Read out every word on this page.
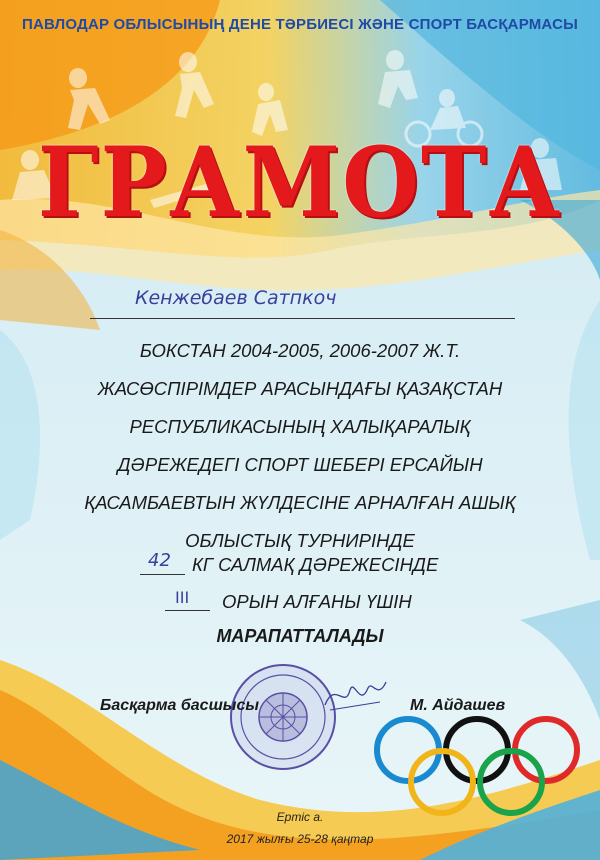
ПАВЛОДАР ОБЛЫСЫНЫҢ ДЕНЕ ТӘРБИЕСІ ЖӘНЕ СПОРТ БАСҚАРМАСЫ
ГРАМОТА
Кенжебаев Сатпкоч
БОКСТАН 2004-2005, 2006-2007 Ж.Т.
ЖАСӨСПІРІМДЕР АРАСЫНДАҒЫ ҚАЗАҚСТАН
РЕСПУБЛИКАСЫНЫҢ ХАЛЫҚАРАЛЫҚ
ДӘРЕЖЕДЕГІ СПОРТ ШЕБЕРІ ЕРСАЙЫН
ҚАСАМБАЕВТЫН ЖҮЛДЕСІНЕ АРНАЛҒАН АШЫҚ
ОБЛЫСТЫҚ ТУРНИРІНДЕ
42 КГ САЛМАҚ ДӘРЕЖЕСІНДЕ
III ОРЫН АЛҒАНЫ ҮШІН
МАРАПАТТАЛАДЫ
Басқарма басшысы	М. Айдашев
Ертіс а.
2017 жылғы 25-28 қаңтар
